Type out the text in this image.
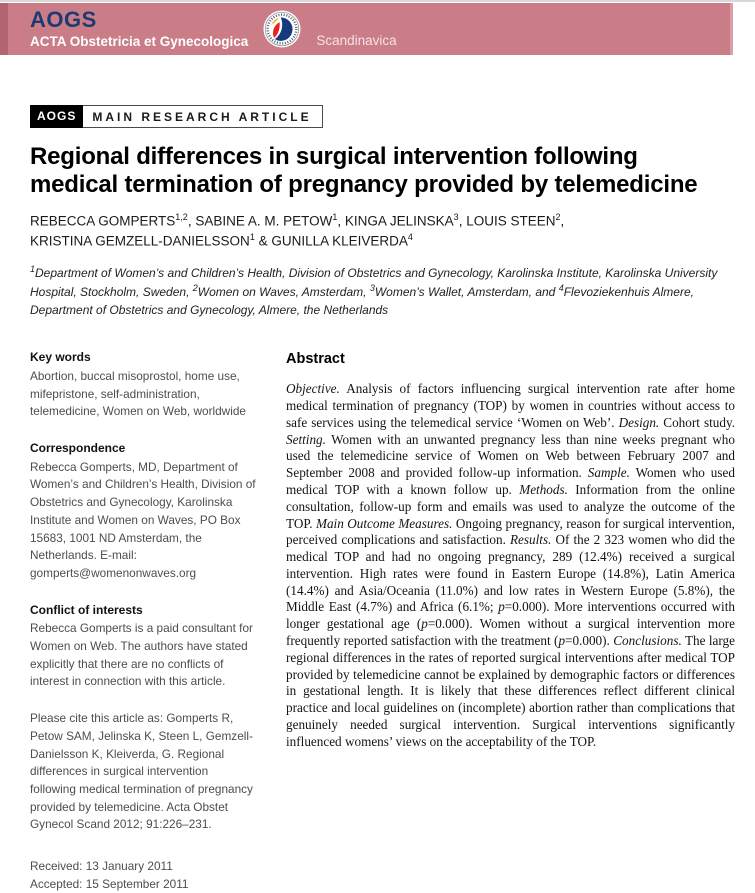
AOGS
ACTA Obstetricia et Gynecologica	Scandinavica
AOGS	MAIN RESEARCH ARTICLE
Regional differences in surgical intervention following
medical termination of pregnancy provided by telemedicine

REBECCA GOMPERTS$^{1,2}$, SABINE A. M. PETOW$^1$, KINGA JELINSKA$^3$, LOUIS STEEN$^2$,
KRISTINA GEMZELL-DANIELSSON$^1$ & GUNILLA KLEIVERDA$^4$

$^1$Department of Women’s and Children’s Health, Division of Obstetrics and Gynecology, Karolinska Institute, Karolinska University Hospital, Stockholm, Sweden, $^2$Women on Waves, Amsterdam, $^3$Women’s Wallet, Amsterdam, and $^4$Flevoziekenhuis Almere, Department of Obstetrics and Gynecology, Almere, the Netherlands

Key words

Abortion, buccal misoprostol, home use, mifepristone, self-administration, telemedicine, Women on Web, worldwide

Correspondence

Rebecca Gomperts, MD, Department of Women’s and Children’s Health, Division of Obstetrics and Gynecology, Karolinska Institute and Women on Waves, PO Box 15683, 1001 ND Amsterdam, the Netherlands. E-mail: gomperts@womenonwaves.org

Conflict of interests

Rebecca Gomperts is a paid consultant for Women on Web. The authors have stated explicitly that there are no conflicts of interest in connection with this article.

Please cite this article as: Gomperts R, Petow SAM, Jelinska K, Steen L, Gemzell-Danielsson K, Kleiverda, G. Regional differences in surgical intervention following medical termination of pregnancy provided by telemedicine. Acta Obstet Gynecol Scand 2012; 91:226–231.

Received: 13 January 2011

Accepted: 15 September 2011

Abstract

Objective. Analysis of factors influencing surgical intervention rate after home medical termination of pregnancy (TOP) by women in countries without access to safe services using the telemedical service ‘Women on Web’. Design. Cohort study. Setting. Women with an unwanted pregnancy less than nine weeks pregnant who used the telemedicine service of Women on Web between February 2007 and September 2008 and provided follow-up information. Sample. Women who used medical TOP with a known follow up. Methods. Information from the online consultation, follow-up form and emails was used to analyze the outcome of the TOP. Main Outcome Measures. Ongoing pregnancy, reason for surgical intervention, perceived complications and satisfaction. Results. Of the 2 323 women who did the medical TOP and had no ongoing pregnancy, 289 (12.4%) received a surgical intervention. High rates were found in Eastern Europe (14.8%), Latin America (14.4%) and Asia/Oceania (11.0%) and low rates in Western Europe (5.8%), the Middle East (4.7%) and Africa (6.1%; p=0.000). More interventions occurred with longer gestational age (p=0.000). Women without a surgical intervention more frequently reported satisfaction with the treatment (p=0.000). Conclusions. The large regional differences in the rates of reported surgical interventions after medical TOP provided by telemedicine cannot be explained by demographic factors or differences in gestational length. It is likely that these differences reflect different clinical practice and local guidelines on (incomplete) abortion rather than complications that genuinely needed surgical intervention. Surgical interventions significantly influenced womens’ views on the acceptability of the TOP.
